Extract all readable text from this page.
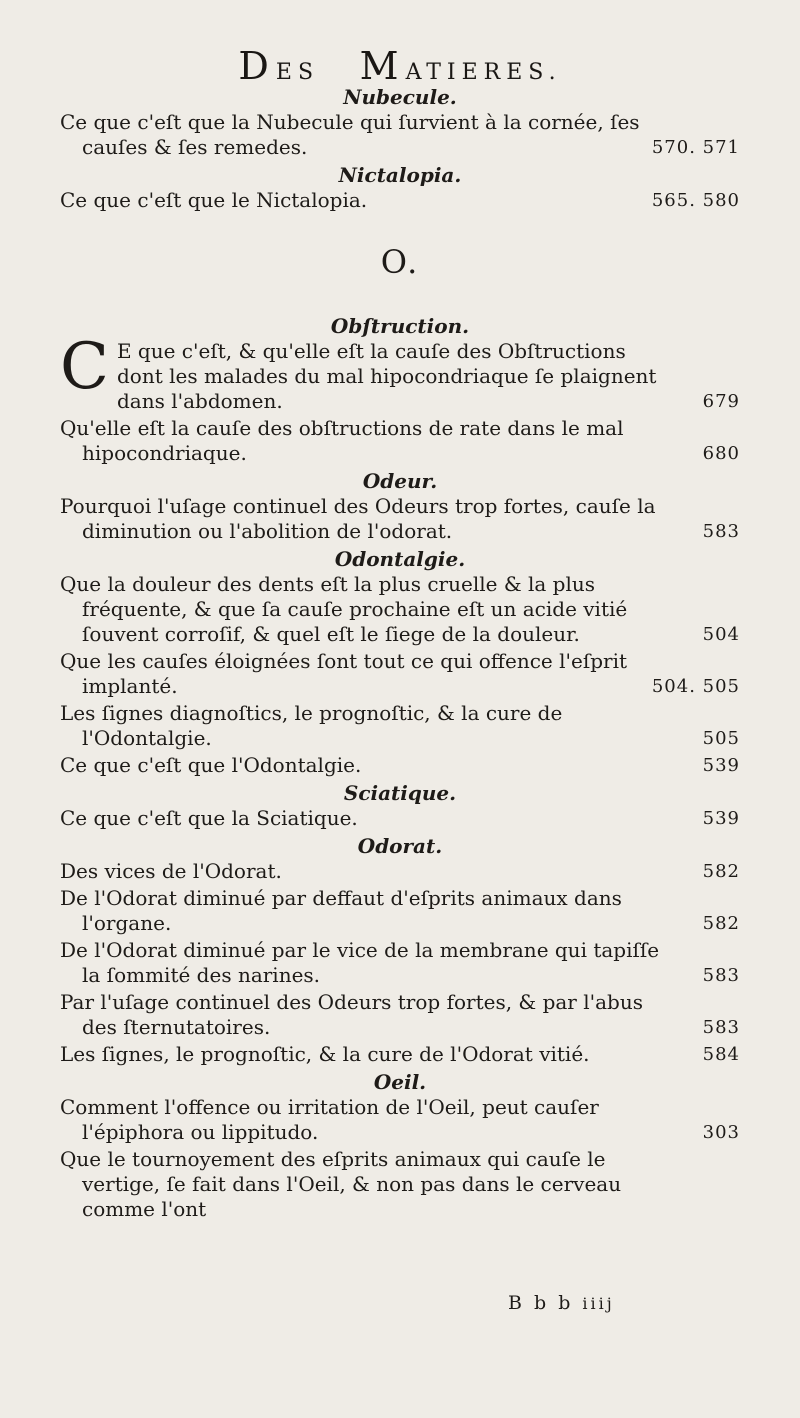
DES MATIERES.
Nubecule.
Ce que c'eſt que la Nubecule qui ſurvient à la cornée, ſes cauſes & ſes remedes.	570. 571
Nictalopia.
Ce que c'eſt que le Nictalopia.	565. 580
O.
Obſtruction.
C E que c'eſt, & qu'elle eſt la cauſe des Obſtructions dont les malades du mal hipocondriaque ſe plaignent dans l'abdomen.	679
Qu'elle eſt la cauſe des obſtructions de rate dans le mal hipocondriaque.	680
Odeur.
Pourquoi l'uſage continuel des Odeurs trop fortes, cauſe la diminution ou l'abolition de l'odorat.	583
Odontalgie.
Que la douleur des dents eſt la plus cruelle & la plus fréquente, & que ſa cauſe prochaine eſt un acide vitié ſouvent corroſif, & quel eſt le ſiege de la douleur.	504
Que les cauſes éloignées ſont tout ce qui offence l'eſprit implanté.	504. 505
Les ſignes diagnoſtics, le prognoſtic, & la cure de l'Odontalgie.	505
Ce que c'eſt que l'Odontalgie.	539
Sciatique.
Ce que c'eſt que la Sciatique.	539
Odorat.
Des vices de l'Odorat.	582
De l'Odorat diminué par deffaut d'eſprits animaux dans l'organe.	582
De l'Odorat diminué par le vice de la membrane qui tapiſſe la ſommité des narines.	583
Par l'uſage continuel des Odeurs trop fortes, & par l'abus des ſternutatoires.	583
Les ſignes, le prognoſtic, & la cure de l'Odorat vitié.	584
Oeil.
Comment l'offence ou irritation de l'Oeil, peut cauſer l'épiphora ou lippitudo.	303
Que le tournoyement des eſprits animaux qui cauſe le vertige, ſe fait dans l'Oeil, & non pas dans le cerveau comme l'ont
B b b iiij
